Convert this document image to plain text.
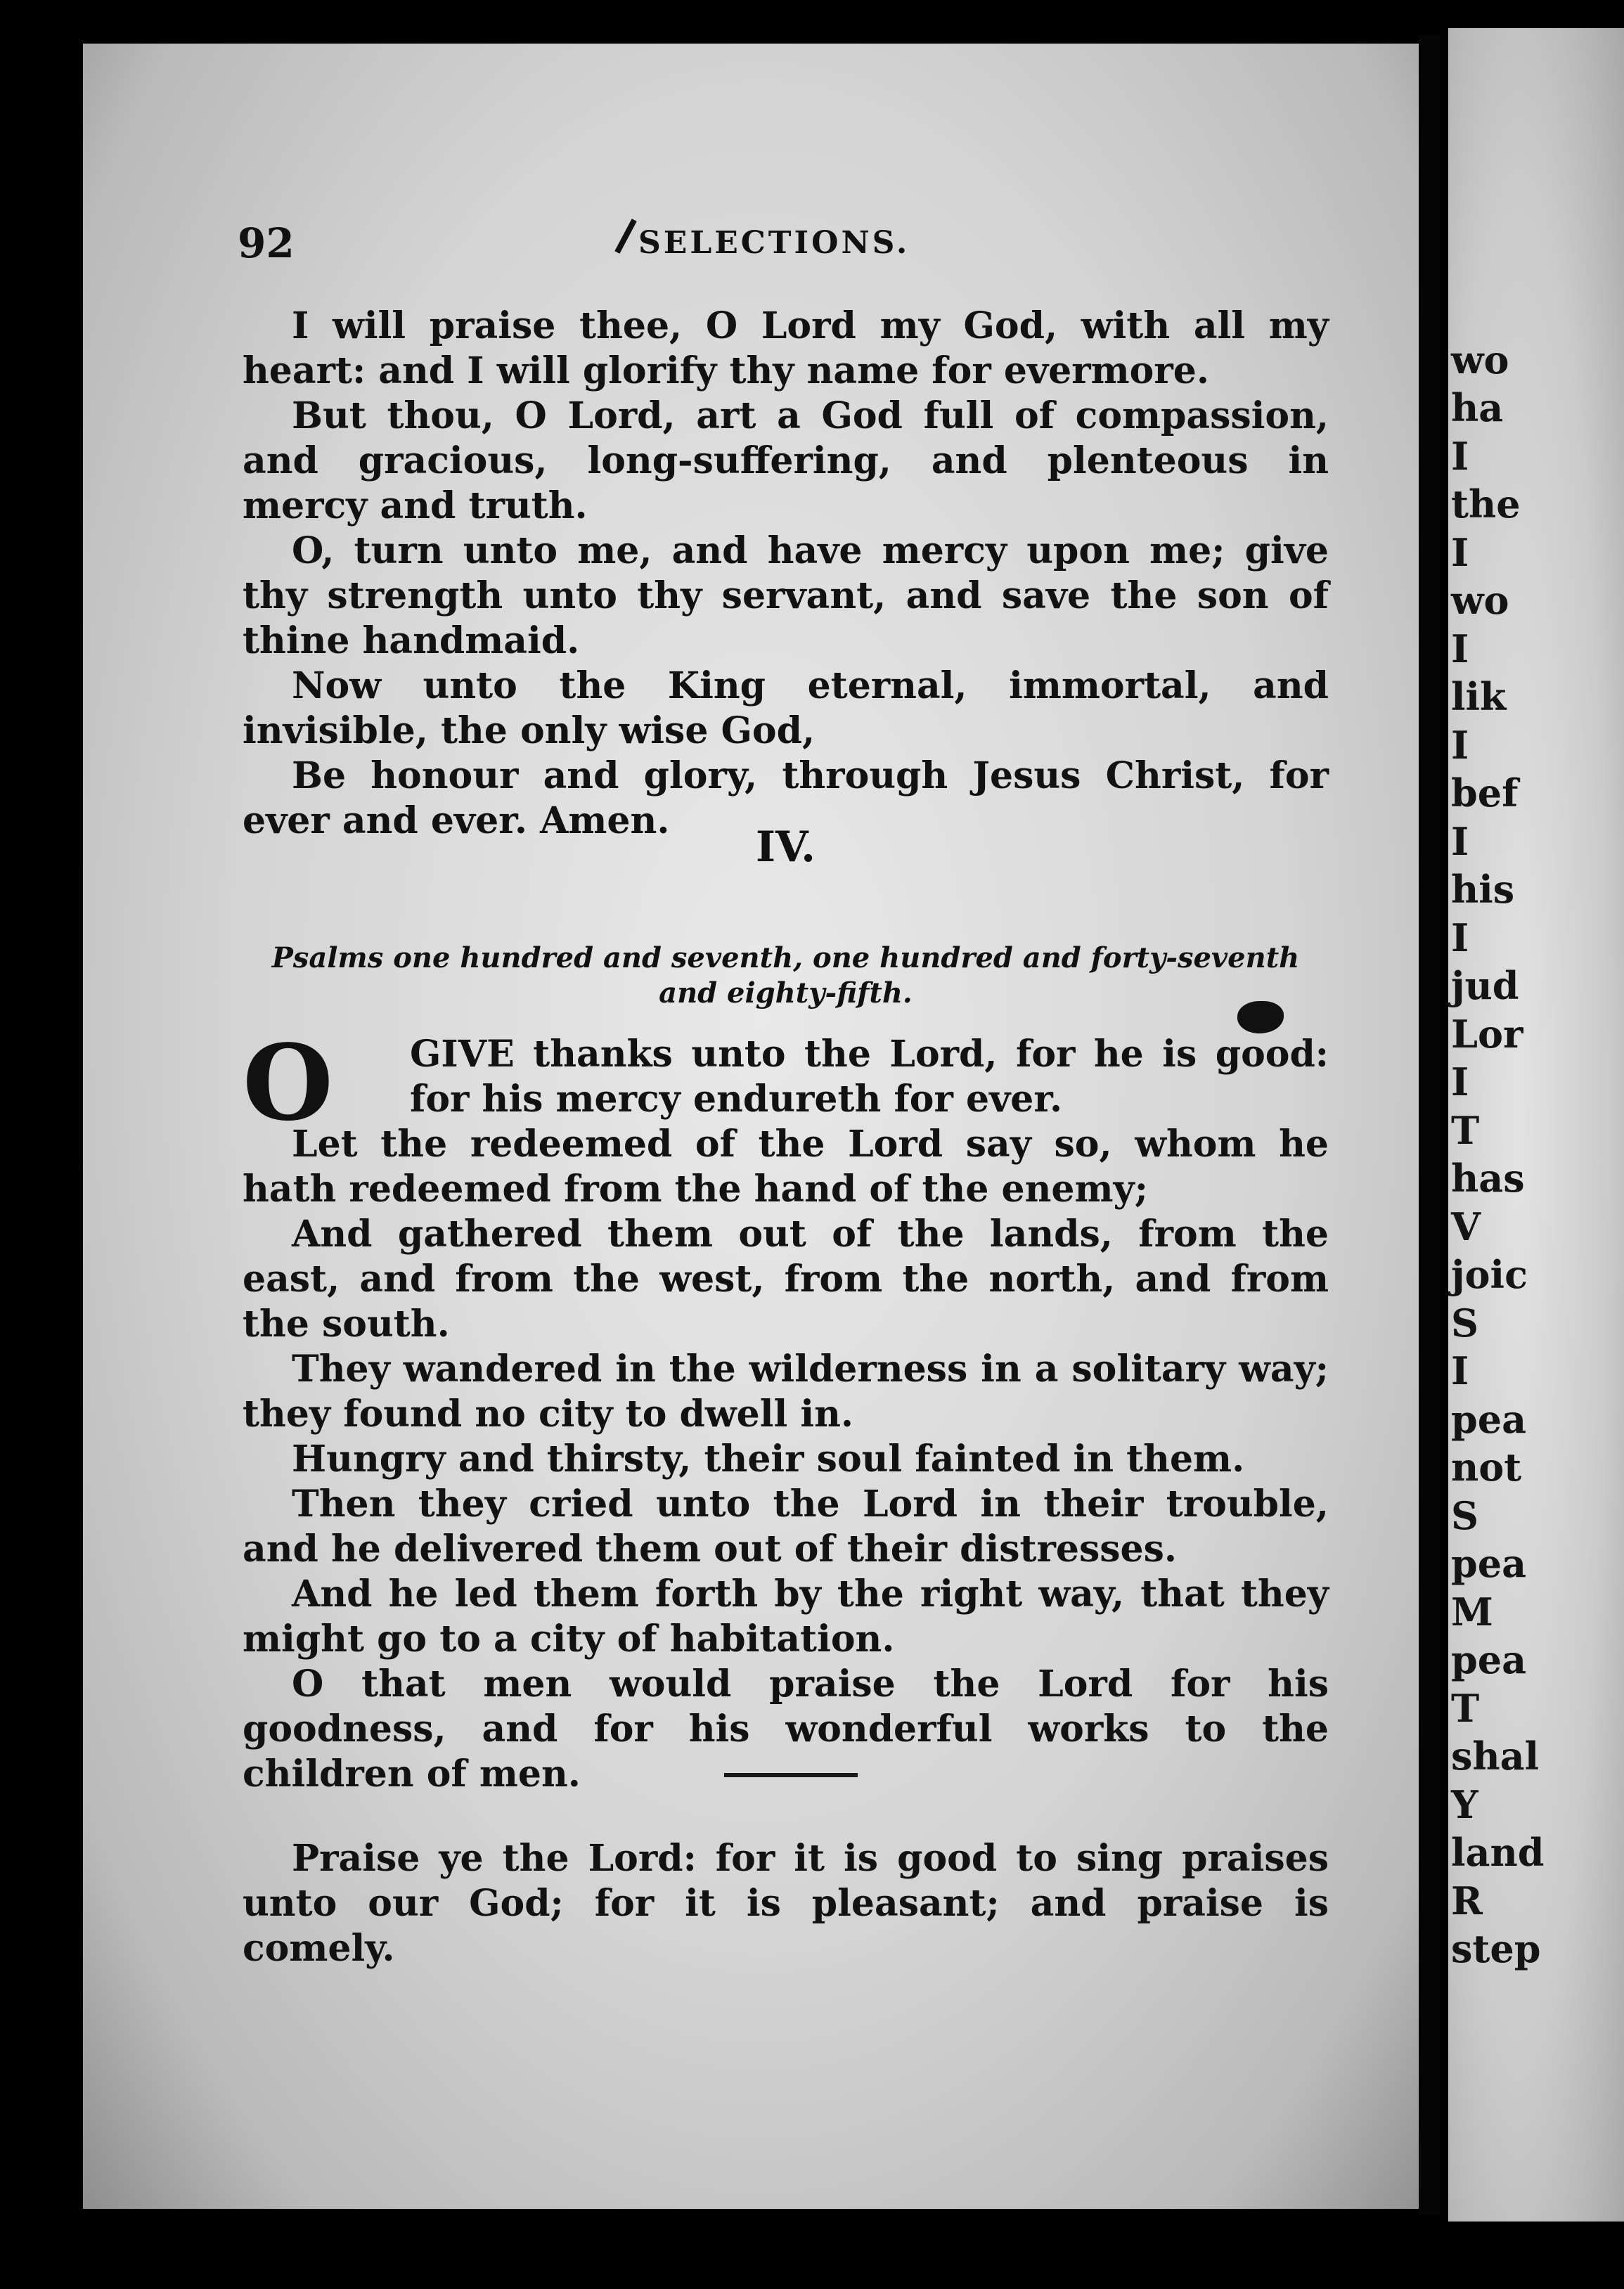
wo
ha
I
the
I
wo
I
lik
I
bef
I
his
I
jud
Lor
I
T
has
V
joic
S
I
pea
not
S
pea
M
pea
T
shal
Y
land
R
step
92	SELECTIONS.

I will praise thee, O Lord my God, with all my heart: and I will glorify thy name for evermore.

But thou, O Lord, art a God full of compassion, and gracious, long-suffering, and plenteous in mercy and truth.

O, turn unto me, and have mercy upon me; give thy strength unto thy servant, and save the son of thine handmaid.

Now unto the King eternal, immortal, and invisible, the only wise God,

Be honour and glory, through Jesus Christ, for ever and ever. Amen.

IV.
Psalms one hundred and seventh, one hundred and forty-seventh and eighty-fifth.

O GIVE thanks unto the Lord, for he is good: for his mercy endureth for ever.

Let the redeemed of the Lord say so, whom he hath redeemed from the hand of the enemy;

And gathered them out of the lands, from the east, and from the west, from the north, and from the south.

They wandered in the wilderness in a solitary way; they found no city to dwell in.

Hungry and thirsty, their soul fainted in them.

Then they cried unto the Lord in their trouble, and he delivered them out of their distresses.

And he led them forth by the right way, that they might go to a city of habitation.

O that men would praise the Lord for his goodness, and for his wonderful works to the children of men.

Praise ye the Lord: for it is good to sing praises unto our God; for it is pleasant; and praise is comely.
